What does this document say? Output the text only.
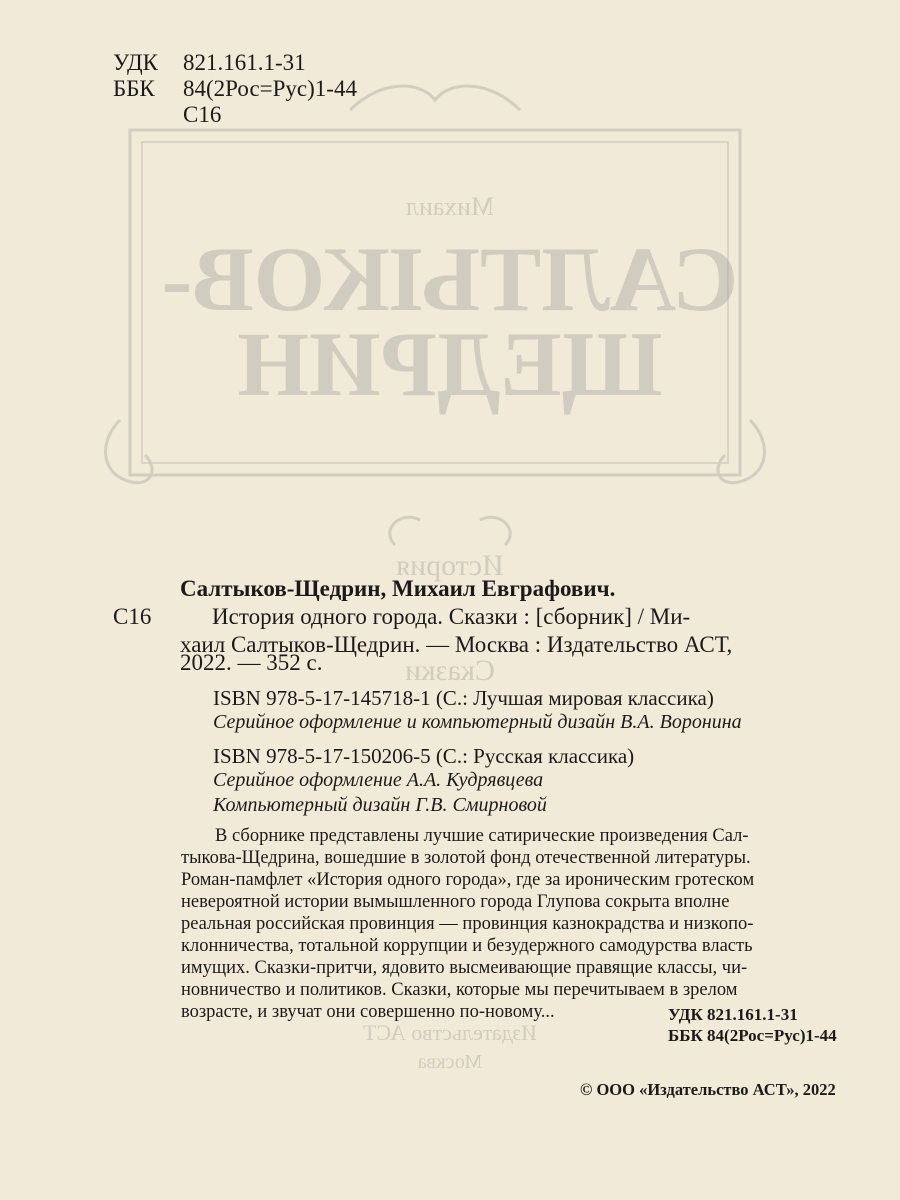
Михаил
САЛТЫКОВ-
ЩЕДРИН
История
Сказки
Издательство АСТ
Москва
УДК 821.161.1-31
ББК 84(2Рос=Рус)1-44
С16
Салтыков-Щедрин, Михаил Евграфович.
С16	История одного города. Сказки : [сборник] / Ми-
хаил Салтыков-Щедрин. — Москва : Издательство АСТ,
2022. — 352 с.
ISBN 978-5-17-145718-1 (С.: Лучшая мировая классика)
Серийное оформление и компьютерный дизайн В.А. Воронина
ISBN 978-5-17-150206-5 (С.: Русская классика)
Серийное оформление А.А. Кудрявцева
Компьютерный дизайн Г.В. Смирновой
В сборнике представлены лучшие сатирические произведения Сал-
тыкова-Щедрина, вошедшие в золотой фонд отечественной литературы.
Роман-памфлет «История одного города», где за ироническим гротеском
невероятной истории вымышленного города Глупова сокрыта вполне
реальная российская провинция — провинция казнокрадства и низкопо-
клонничества, тотальной коррупции и безудержного самодурства власть
имущих. Сказки-притчи, ядовито высмеивающие правящие классы, чи-
новничество и политиков. Сказки, которые мы перечитываем в зрелом
возрасте, и звучат они совершенно по-новому...	УДК 821.161.1-31
ББК 84(2Рос=Рус)1-44
© ООО «Издательство АСТ», 2022
